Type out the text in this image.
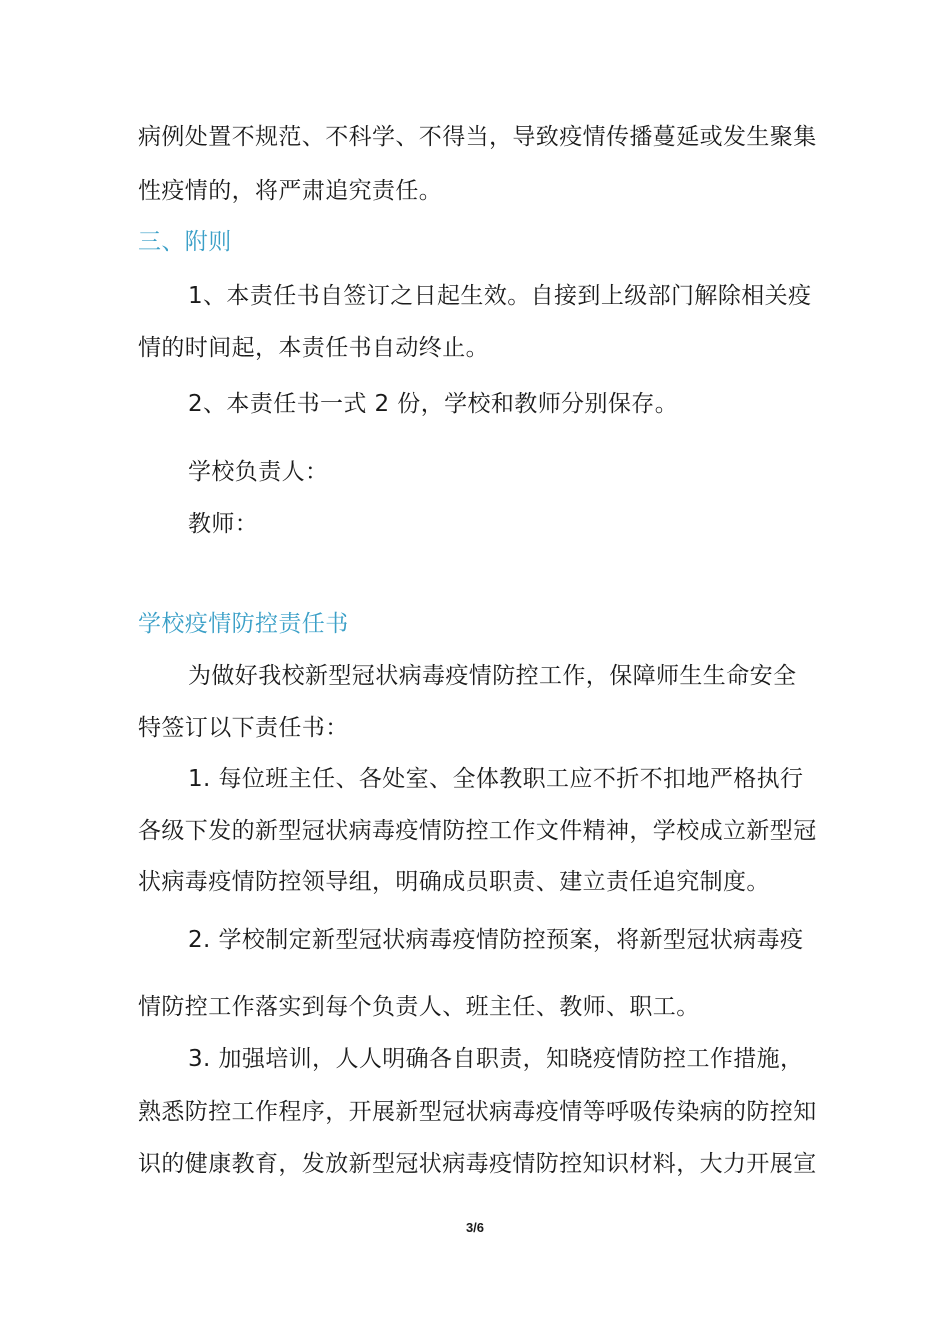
病例处置不规范、不科学、不得当，导致疫情传播蔓延或发生聚集
性疫情的，将严肃追究责任。
三、附则
1、本责任书自签订之日起生效。自接到上级部门解除相关疫
情的时间起，本责任书自动终止。
2、本责任书一式 2 份，学校和教师分别保存。
学校负责人：
教师：
学校疫情防控责任书
为做好我校新型冠状病毒疫情防控工作，保障师生生命安全
特签订以下责任书：
1. 每位班主任、各处室、全体教职工应不折不扣地严格执行
各级下发的新型冠状病毒疫情防控工作文件精神，学校成立新型冠
状病毒疫情防控领导组，明确成员职责、建立责任追究制度。
2. 学校制定新型冠状病毒疫情防控预案，将新型冠状病毒疫
情防控工作落实到每个负责人、班主任、教师、职工。
3. 加强培训，人人明确各自职责，知晓疫情防控工作措施，
熟悉防控工作程序，开展新型冠状病毒疫情等呼吸传染病的防控知
识的健康教育，发放新型冠状病毒疫情防控知识材料，大力开展宣
3/6
